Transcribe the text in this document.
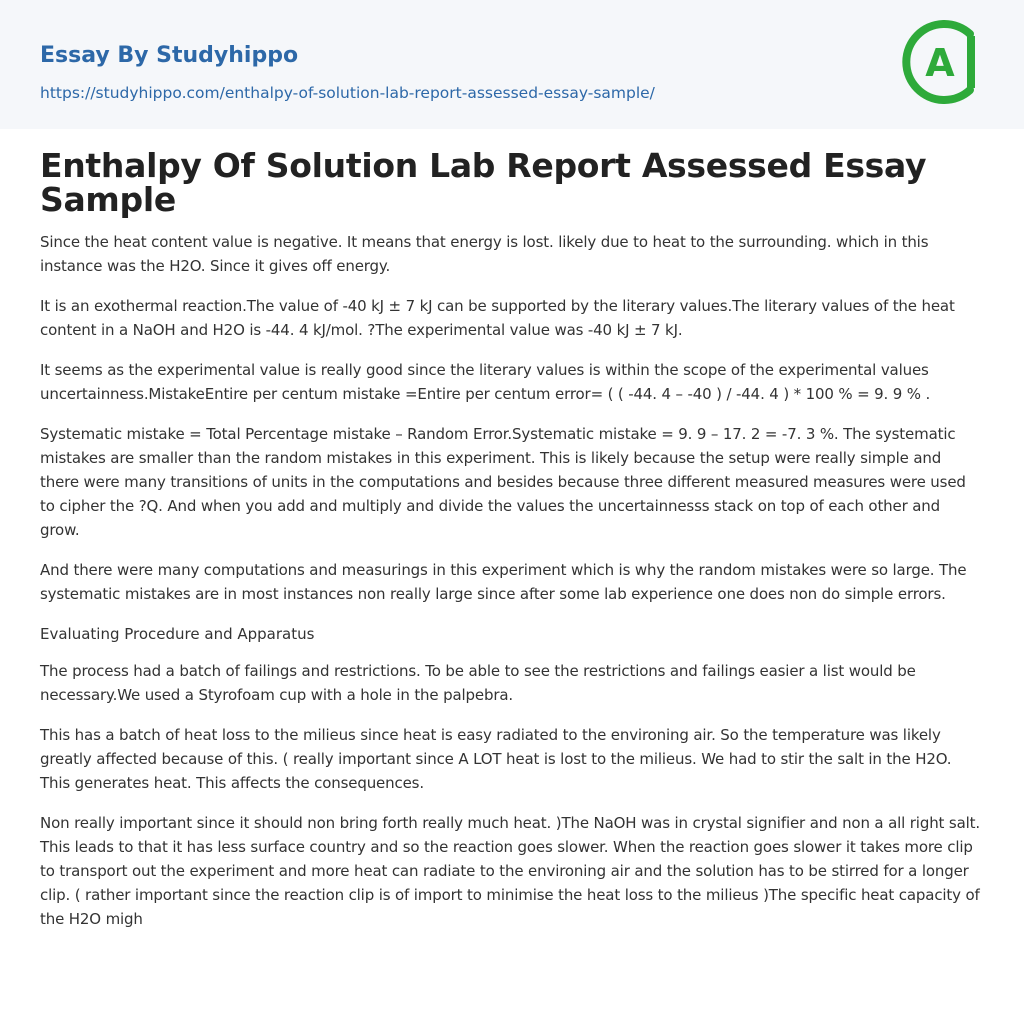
Essay By Studyhippo
https://studyhippo.com/enthalpy-of-solution-lab-report-assessed-essay-sample/
A
Enthalpy Of Solution Lab Report Assessed Essay Sample

Since the heat content value is negative. It means that energy is lost. likely due to heat to the surrounding. which in this instance was the H2O. Since it gives off energy.

It is an exothermal reaction.The value of -40 kJ ± 7 kJ can be supported by the literary values.The literary values of the heat content in a NaOH and H2O is -44. 4 kJ/mol. ?The experimental value was -40 kJ ± 7 kJ.

It seems as the experimental value is really good since the literary values is within the scope of the experimental values uncertainness.MistakeEntire per centum mistake =Entire per centum error= ( ( -44. 4 – -40 ) / -44. 4 ) * 100 % = 9. 9 % .

Systematic mistake = Total Percentage mistake – Random Error.Systematic mistake = 9. 9 – 17. 2 = -7. 3 %. The systematic mistakes are smaller than the random mistakes in this experiment. This is likely because the setup were really simple and there were many transitions of units in the computations and besides because three different measured measures were used to cipher the ?Q. And when you add and multiply and divide the values the uncertainnesss stack on top of each other and grow.

And there were many computations and measurings in this experiment which is why the random mistakes were so large. The systematic mistakes are in most instances non really large since after some lab experience one does non do simple errors.

Evaluating Procedure and Apparatus

The process had a batch of failings and restrictions. To be able to see the restrictions and failings easier a list would be necessary.We used a Styrofoam cup with a hole in the palpebra.

This has a batch of heat loss to the milieus since heat is easy radiated to the environing air. So the temperature was likely greatly affected because of this. ( really important since A LOT heat is lost to the milieus. We had to stir the salt in the H2O. This generates heat. This affects the consequences.

Non really important since it should non bring forth really much heat. )The NaOH was in crystal signifier and non a all right salt. This leads to that it has less surface country and so the reaction goes slower. When the reaction goes slower it takes more clip to transport out the experiment and more heat can radiate to the environing air and the solution has to be stirred for a longer clip. ( rather important since the reaction clip is of import to minimise the heat loss to the milieus )The specific heat capacity of the H2O migh
